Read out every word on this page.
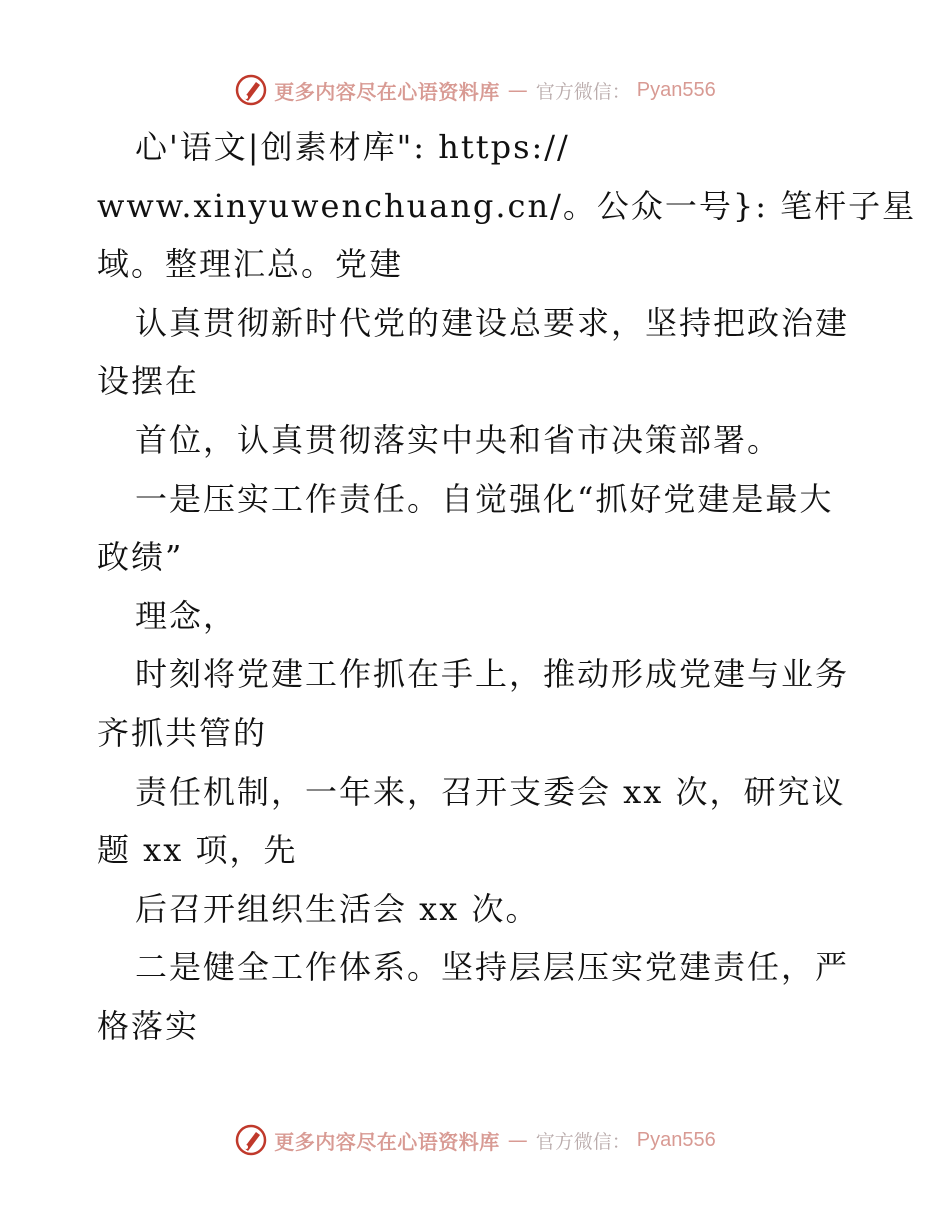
更多内容尽在心语资料库 — 官方微信： Pyan556
心'语文|创素材库": https://
www.xinyuwenchuang.cn/。公众一号}: 笔杆子星
域。整理汇总。党建
认真贯彻新时代党的建设总要求，坚持把政治建
设摆在
首位，认真贯彻落实中央和省市决策部署。
一是压实工作责任。自觉强化“抓好党建是最大
政绩”
理念，
时刻将党建工作抓在手上，推动形成党建与业务
齐抓共管的
责任机制，一年来，召开支委会 xx 次，研究议
题 xx 项，先
后召开组织生活会 xx 次。
二是健全工作体系。坚持层层压实党建责任，严
格落实
更多内容尽在心语资料库 — 官方微信： Pyan556
